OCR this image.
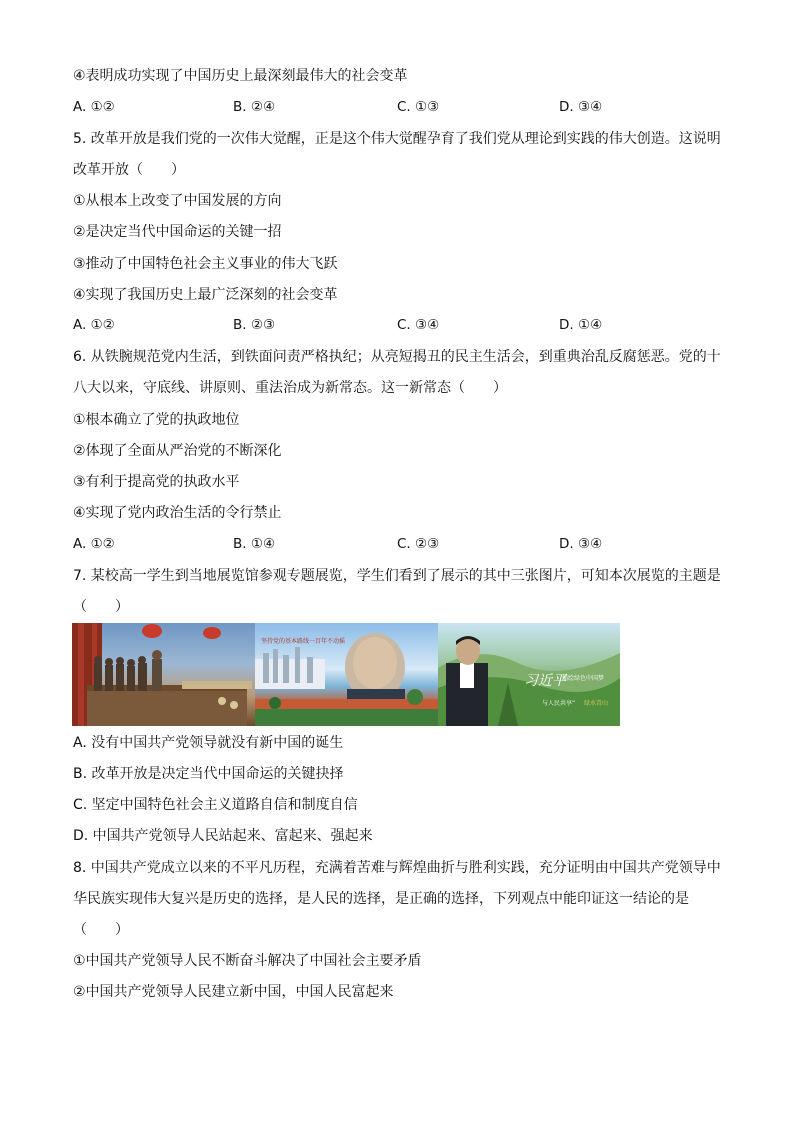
④表明成功实现了中国历史上最深刻最伟大的社会变革
A. ①②	B. ②④	C. ①③	D. ③④
5. 改革开放是我们党的一次伟大觉醒，正是这个伟大觉醒孕育了我们党从理论到实践的伟大创造。这说明
改革开放（　　）
①从根本上改变了中国发展的方向
②是决定当代中国命运的关键一招
③推动了中国特色社会主义事业的伟大飞跃
④实现了我国历史上最广泛深刻的社会变革
A. ①②	B. ②③	C. ③④	D. ①④
6. 从铁腕规范党内生活，到铁面问责严格执纪；从亮短揭丑的民主生活会，到重典治乱反腐惩恶。党的十
八大以来，守底线、讲原则、重法治成为新常态。这一新常态（　　）
①根本确立了党的执政地位
②体现了全面从严治党的不断深化
③有利于提高党的执政水平
④实现了党内政治生活的令行禁止
A. ①②	B. ①④	C. ②③	D. ③④
7. 某校高一学生到当地展览馆参观专题展览，学生们看到了展示的其中三张图片，可知本次展览的主题是
（　　）
坚持党的基本路线一百年不动摇
习近平
描绘绿色中国梦
与人民共享“ 绿水青山
A. 没有中国共产党领导就没有新中国的诞生
B. 改革开放是决定当代中国命运的关键抉择
C. 坚定中国特色社会主义道路自信和制度自信
D. 中国共产党领导人民站起来、富起来、强起来
8. 中国共产党成立以来的不平凡历程，充满着苦难与辉煌曲折与胜利实践，充分证明由中国共产党领导中
华民族实现伟大复兴是历史的选择，是人民的选择，是正确的选择，下列观点中能印证这一结论的是
（　　）
①中国共产党领导人民不断奋斗解决了中国社会主要矛盾
②中国共产党领导人民建立新中国，中国人民富起来
